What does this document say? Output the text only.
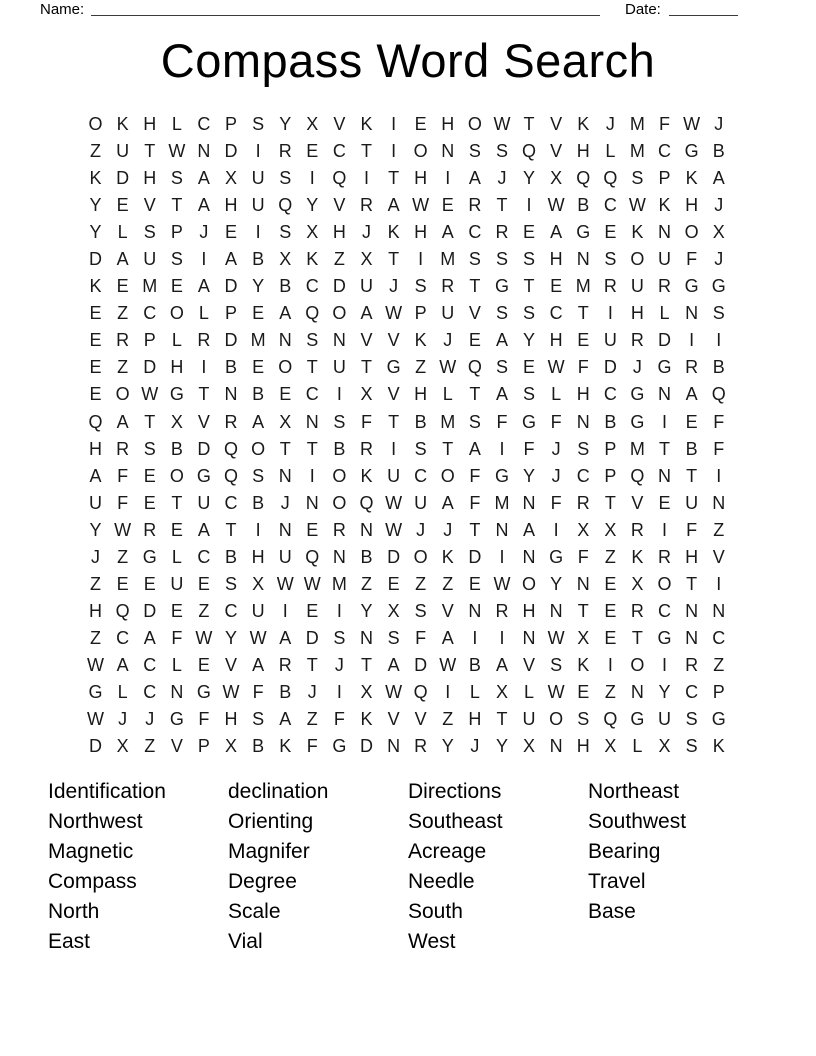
Name:	Date:
Compass Word Search
O K H L C P S Y X V K	I	E H O W T V K J M F W J
Z U T W N D	I	R E C T	I O N S S Q V H L M C G B
K D H S A X U S	I Q I	T H	I	A J Y X Q Q S P K A
Y E V T A H U Q Y V R A W E R T	I W B C W K H J
Y L S P J E	I	S X H J K H A C R E A G E K N O X
D A U S	I	A B X K Z X T	I M S S S H N S O U F J
K E M E A D Y B C D U J S R T G T E M R U R G G
E Z C O L P E A Q O A W P U V S S C T	I	H L N S
E R P L R D M N S N V V K J E A Y H E U R D	I	I
E Z D H	I	B E O T U T G Z W Q S E W F D J G R B
E O W G T N B E C	I	X V H L T A S L H C G N A Q
Q A T X V R A X N S F T B M S F G F N B G I	E F
H R S B D Q O T T B R	I	S T A	I	F J S P M T B F
A F E O G Q S N	I O K U C O F G Y J C P Q N T	I
U F E T U C B J N O Q W U A F M N F R T V E U N
Y W R E A T	I	N E R N W J	J T N A	I	X X R	I	F Z
J Z G L C B H U Q N B D O K D	I	N G F Z K R H V
Z E E U E S X W W M Z E Z Z E W O Y N E X O T	I
H Q D E Z C U	I	E	I	Y X S V N R H N T E R C N N
Z C A F W Y W A D S N S F A	I	I	N W X E T G N C
W A C L E V A R T J T A D W B A V S K	I O I	R Z
G L C N G W F B J	I	X W Q I	L X L W E Z N Y C P
W J	J G F H S A Z F K V V Z H T U O S Q G U S G
D X Z V P X B K F G D N R Y J Y X N H X L X S K
Identification
Northwest
Magnetic
Compass
North
East
declination
Orienting
Magnifer
Degree
Scale
Vial
Directions
Southeast
Acreage
Needle
South
West
Northeast
Southwest
Bearing
Travel
Base
